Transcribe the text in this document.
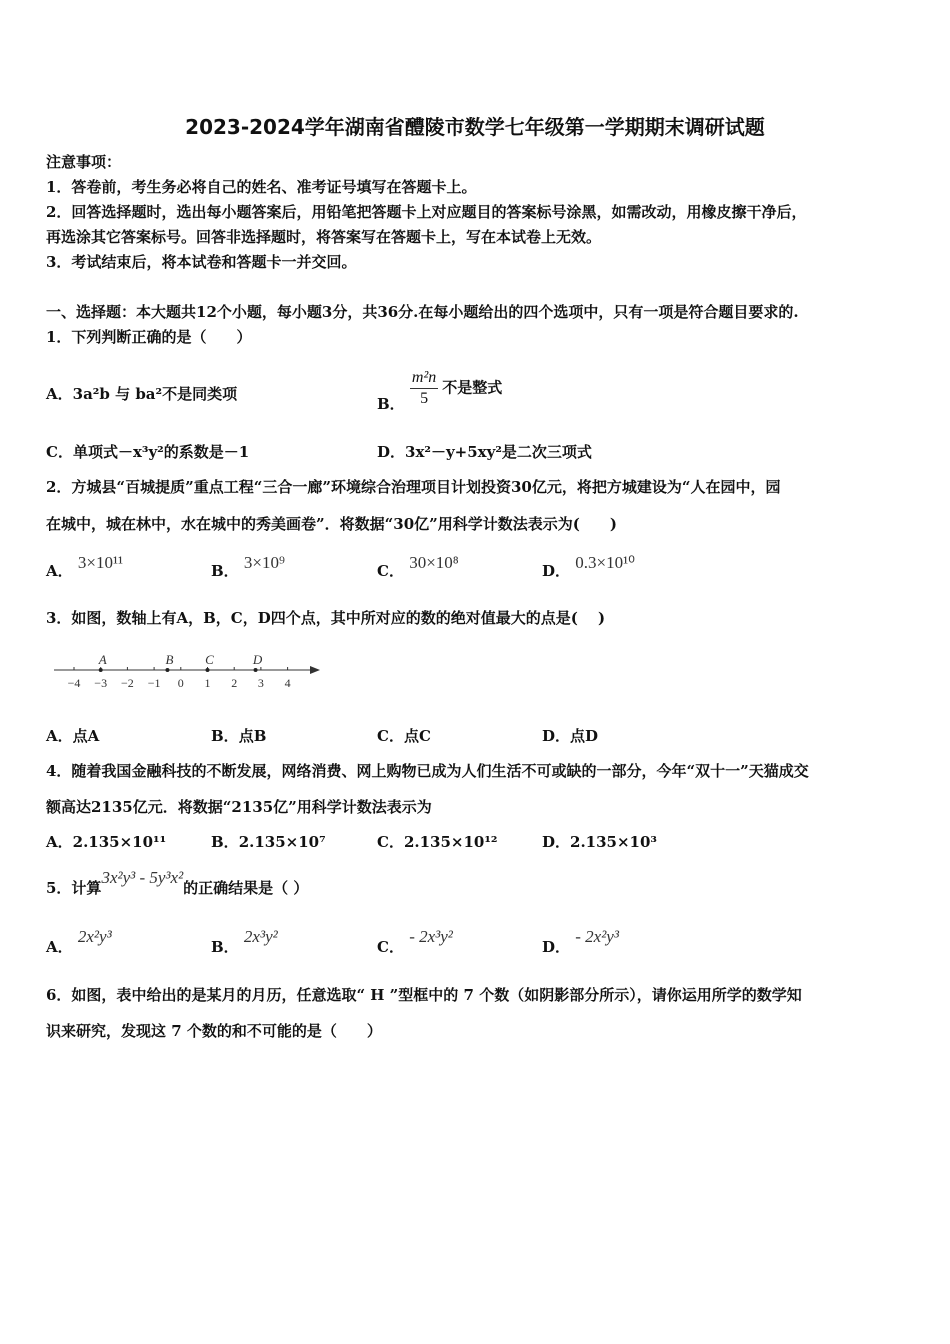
2023-2024学年湖南省醴陵市数学七年级第一学期期末调研试题
注意事项：
1．答卷前，考生务必将自己的姓名、准考证号填写在答题卡上。
2．回答选择题时，选出每小题答案后，用铅笔把答题卡上对应题目的答案标号涂黑，如需改动，用橡皮擦干净后，
再选涂其它答案标号。回答非选择题时，将答案写在答题卡上，写在本试卷上无效。
3．考试结束后，将本试卷和答题卡一并交回。
一、选择题：本大题共12个小题，每小题3分，共36分.在每小题给出的四个选项中，只有一项是符合题目要求的.
1．下列判断正确的是（　　）
A．3a²b 与 ba²不是同类项
B． $\frac{\text{m²n}}{5}$ 不是整式
C．单项式－x³y²的系数是－1	D．3x²－y+5xy²是二次三项式
2．方城县“百城提质”重点工程“三合一廊”环境综合治理项目计划投资30亿元，将把方城建设为“人在园中，园
在城中，城在林中，水在城中的秀美画卷”．将数据“30亿”用科学计数法表示为(　　)
A． 3×10¹¹	B． 3×10⁹	C． 30×10⁸	D． 0.3×10¹⁰
3．如图，数轴上有A，B，C，D四个点，其中所对应的数的绝对值最大的点是(　 )
−4 −3 −2 −1 0 1 2 3 4
A	B C	D
A．点A	B．点B	C．点C	D．点D
4．随着我国金融科技的不断发展，网络消费、网上购物已成为人们生活不可或缺的一部分，今年“双十一”天猫成交
额高达2135亿元．将数据“2135亿”用科学计数法表示为
A．2.135×10¹¹	B．2.135×10⁷	C．2.135×10¹²	D．2.135×10³
5．计算3x²y³ - 5y³x²的正确结果是（ ）
A． 2x²y³
B． 2x³y²
C． - 2x³y²
D． - 2x²y³
6．如图，表中给出的是某月的月历，任意选取“ H ”型框中的 7 个数（如阴影部分所示），请你运用所学的数学知
识来研究，发现这 7 个数的和不可能的是（　　）
